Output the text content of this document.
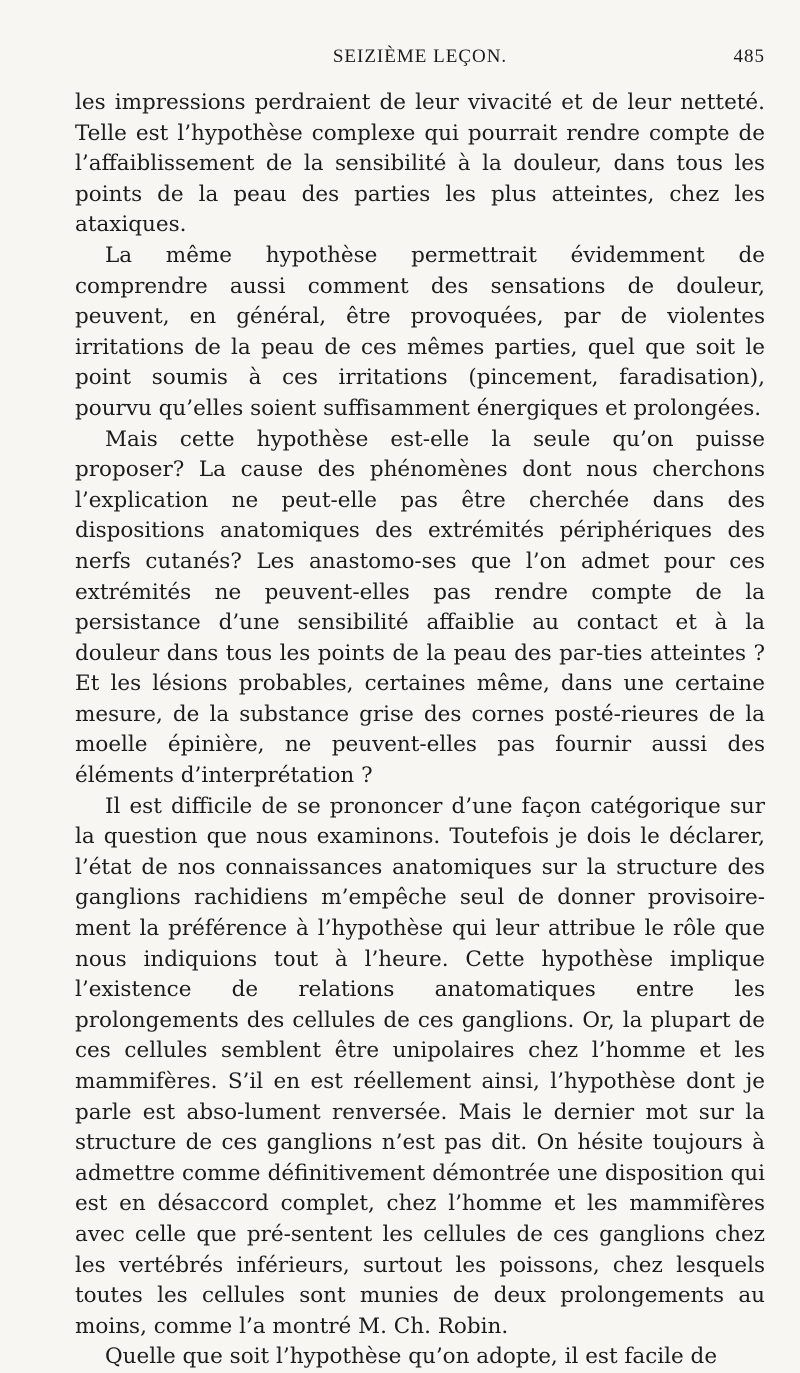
SEIZIÈME LEÇON.	485

les impressions perdraient de leur vivacité et de leur netteté. Telle est l’hypothèse complexe qui pourrait rendre compte de l’affaiblissement de la sensibilité à la douleur, dans tous les points de la peau des parties les plus atteintes, chez les ataxiques.

La même hypothèse permettrait évidemment de comprendre aussi comment des sensations de douleur, peuvent, en général, être provoquées, par de violentes irritations de la peau de ces mêmes parties, quel que soit le point soumis à ces irritations (pincement, faradisation), pourvu qu’elles soient suffisamment énergiques et prolongées.

Mais cette hypothèse est-elle la seule qu’on puisse proposer? La cause des phénomènes dont nous cherchons l’explication ne peut-elle pas être cherchée dans des dispositions anatomiques des extrémités périphériques des nerfs cutanés? Les anastomo-ses que l’on admet pour ces extrémités ne peuvent-elles pas rendre compte de la persistance d’une sensibilité affaiblie au contact et à la douleur dans tous les points de la peau des par-ties atteintes ? Et les lésions probables, certaines même, dans une certaine mesure, de la substance grise des cornes posté-rieures de la moelle épinière, ne peuvent-elles pas fournir aussi des éléments d’interprétation ?

Il est difficile de se prononcer d’une façon catégorique sur la question que nous examinons. Toutefois je dois le déclarer, l’état de nos connaissances anatomiques sur la structure des ganglions rachidiens m’empêche seul de donner provisoire-ment la préférence à l’hypothèse qui leur attribue le rôle que nous indiquions tout à l’heure. Cette hypothèse implique l’existence de relations anatomatiques entre les prolongements des cellules de ces ganglions. Or, la plupart de ces cellules semblent être unipolaires chez l’homme et les mammifères. S’il en est réellement ainsi, l’hypothèse dont je parle est abso-lument renversée. Mais le dernier mot sur la structure de ces ganglions n’est pas dit. On hésite toujours à admettre comme définitivement démontrée une disposition qui est en désaccord complet, chez l’homme et les mammifères avec celle que pré-sentent les cellules de ces ganglions chez les vertébrés inférieurs, surtout les poissons, chez lesquels toutes les cellules sont munies de deux prolongements au moins, comme l’a montré M. Ch. Robin.

Quelle que soit l’hypothèse qu’on adopte, il est facile de
